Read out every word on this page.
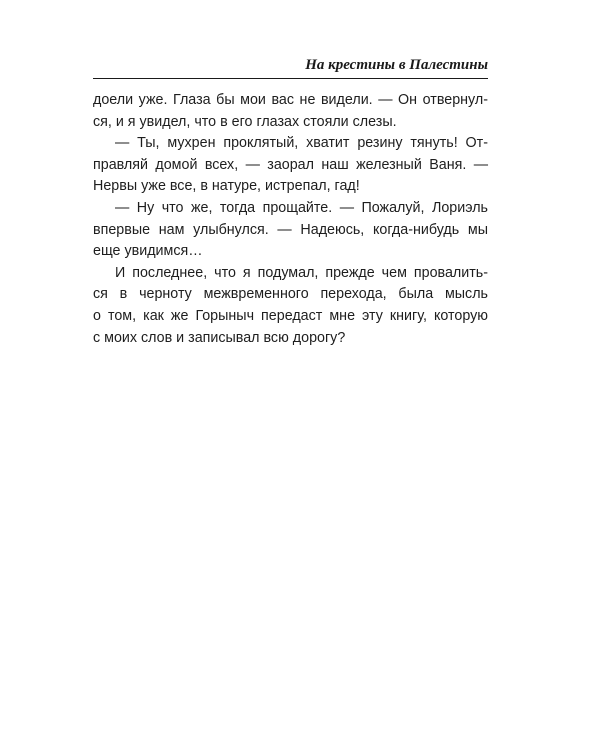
На крестины в Палестины
доели уже. Глаза бы мои вас не видели. — Он отвернул-
ся, и я увидел, что в его глазах стояли слезы.
— Ты, мухрен проклятый, хватит резину тянуть! От-
правляй домой всех, — заорал наш железный Ваня. —
Нервы уже все, в натуре, истрепал, гад!
— Ну что же, тогда прощайте. — Пожалуй, Лориэль
впервые нам улыбнулся. — Надеюсь, когда-нибудь мы
еще увидимся…
И последнее, что я подумал, прежде чем провалить-
ся в черноту межвременного перехода, была мысль
о том, как же Горыныч передаст мне эту книгу, которую
с моих слов и записывал всю дорогу?
